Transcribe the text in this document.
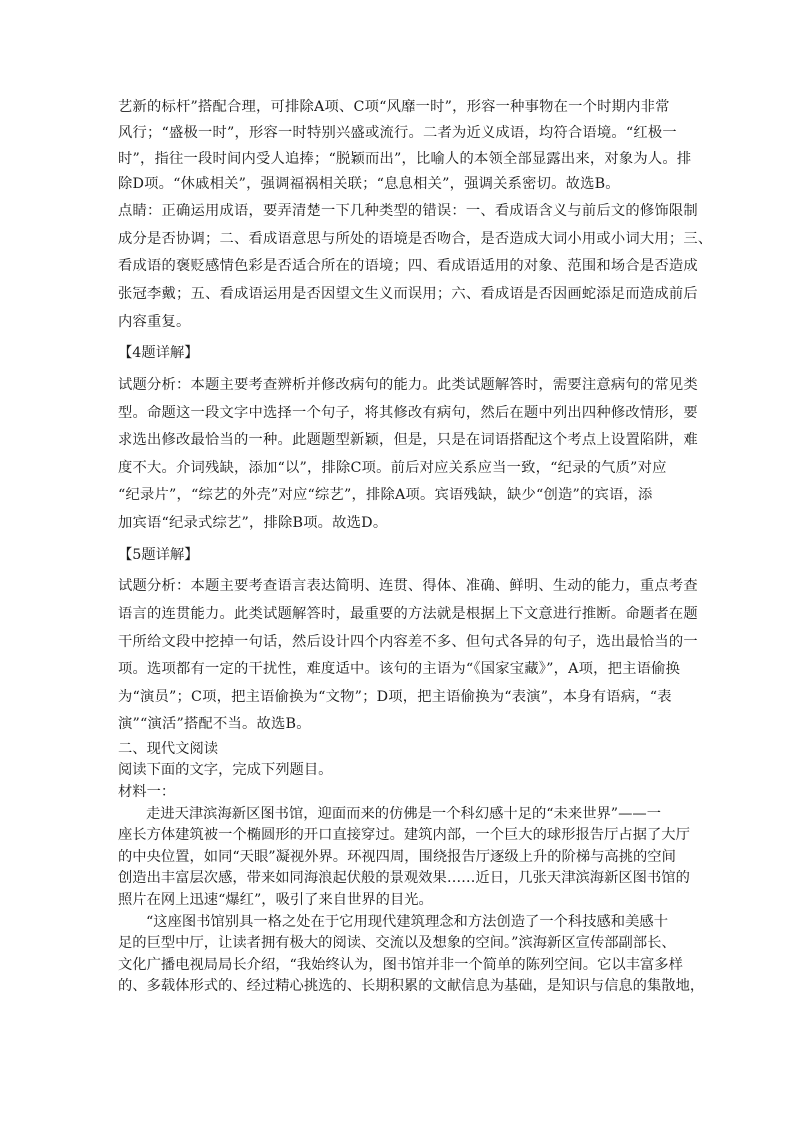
艺新的标杆”搭配合理，可排除A项、C项“风靡一时”，形容一种事物在一个时期内非常
风行；“盛极一时”，形容一时特别兴盛或流行。二者为近义成语，均符合语境。“红极一
时”，指往一段时间内受人追捧；“脱颖而出”，比喻人的本领全部显露出来，对象为人。排
除D项。“休戚相关”，强调福祸相关联；“息息相关”，强调关系密切。故选B。
点睛：正确运用成语，要弄清楚一下几种类型的错误：一、看成语含义与前后文的修饰限制
成分是否协调；二、看成语意思与所处的语境是否吻合，是否造成大词小用或小词大用；三、
看成语的褒贬感情色彩是否适合所在的语境；四、看成语适用的对象、范围和场合是否造成
张冠李戴；五、看成语运用是否因望文生义而误用；六、看成语是否因画蛇添足而造成前后
内容重复。

【4题详解】

试题分析：本题主要考查辨析并修改病句的能力。此类试题解答时，需要注意病句的常见类
型。命题这一段文字中选择一个句子，将其修改有病句，然后在题中列出四种修改情形，要
求选出修改最恰当的一种。此题题型新颖，但是，只是在词语搭配这个考点上设置陷阱，难
度不大。介词残缺，添加“以”，排除C项。前后对应关系应当一致，“纪录的气质”对应
“纪录片”，“综艺的外壳”对应“综艺”，排除A项。宾语残缺，缺少“创造”的宾语，添
加宾语“纪录式综艺”，排除B项。故选D。

【5题详解】

试题分析：本题主要考查语言表达简明、连贯、得体、准确、鲜明、生动的能力，重点考查
语言的连贯能力。此类试题解答时，最重要的方法就是根据上下文意进行推断。命题者在题
干所给文段中挖掉一句话，然后设计四个内容差不多、但句式各异的句子，选出最恰当的一
项。选项都有一定的干扰性，难度适中。该句的主语为“《国家宝藏》”，A项，把主语偷换
为“演员”；C项，把主语偷换为“文物”；D项，把主语偷换为“表演”，本身有语病，“表
演”“演活”搭配不当。故选B。
二、现代文阅读
阅读下面的文字，完成下列题目。
材料一：
走进天津滨海新区图书馆，迎面而来的仿佛是一个科幻感十足的“未来世界”——一
座长方体建筑被一个椭圆形的开口直接穿过。建筑内部，一个巨大的球形报告厅占据了大厅
的中央位置，如同“天眼”凝视外界。环视四周，围绕报告厅逐级上升的阶梯与高挑的空间
创造出丰富层次感，带来如同海浪起伏般的景观效果……近日，几张天津滨海新区图书馆的
照片在网上迅速“爆红”，吸引了来自世界的目光。
“这座图书馆别具一格之处在于它用现代建筑理念和方法创造了一个科技感和美感十
足的巨型中厅，让读者拥有极大的阅读、交流以及想象的空间。”滨海新区宣传部副部长、
文化广播电视局局长介绍，“我始终认为，图书馆并非一个简单的陈列空间。它以丰富多样
的、多载体形式的、经过精心挑选的、长期积累的文献信息为基础，是知识与信息的集散地，
